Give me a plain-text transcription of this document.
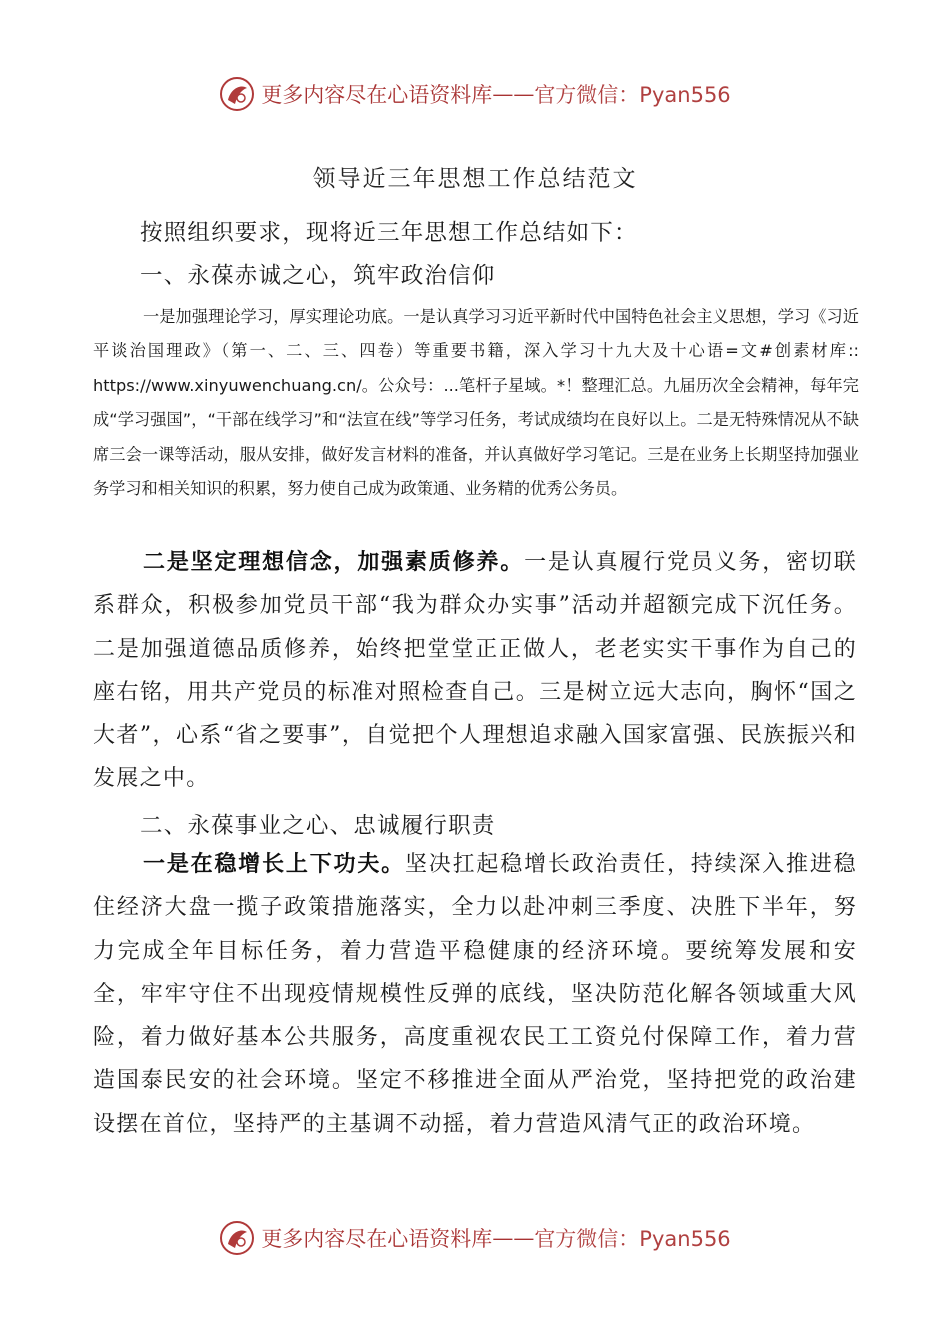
更多内容尽在心语资料库 —— 官方微信：Pyan556
领导近三年思想工作总结范文
按照组织要求，现将近三年思想工作总结如下：
一、永葆赤诚之心，筑牢政治信仰
一是加强理论学习，厚实理论功底。一是认真学习习近平新时代中国特色社会主义思想，学习《习近平谈治国理政》（第一、二、三、四卷）等重要书籍，深入学习十九大及十心语=文#创素材库:: https://www.xinyuwenchuang.cn/。公众号：...笔杆子星域。*！整理汇总。九届历次全会精神，每年完成“学习强国”，“干部在线学习”和“法宣在线”等学习任务，考试成绩均在良好以上。二是无特殊情况从不缺席三会一课等活动，服从安排，做好发言材料的准备，并认真做好学习笔记。三是在业务上长期坚持加强业务学习和相关知识的积累，努力使自己成为政策通、业务精的优秀公务员。
二是坚定理想信念，加强素质修养。一是认真履行党员义务，密切联系群众，积极参加党员干部“我为群众办实事”活动并超额完成下沉任务。二是加强道德品质修养，始终把堂堂正正做人，老老实实干事作为自己的座右铭，用共产党员的标准对照检查自己。三是树立远大志向，胸怀“国之大者”，心系“省之要事”，自觉把个人理想追求融入国家富强、民族振兴和发展之中。
二、永葆事业之心、忠诚履行职责
一是在稳增长上下功夫。坚决扛起稳增长政治责任，持续深入推进稳住经济大盘一揽子政策措施落实，全力以赴冲刺三季度、决胜下半年，努力完成全年目标任务，着力营造平稳健康的经济环境。要统筹发展和安全，牢牢守住不出现疫情规模性反弹的底线，坚决防范化解各领域重大风险，着力做好基本公共服务，高度重视农民工工资兑付保障工作，着力营造国泰民安的社会环境。坚定不移推进全面从严治党，坚持把党的政治建设摆在首位，坚持严的主基调不动摇，着力营造风清气正的政治环境。
更多内容尽在心语资料库 —— 官方微信：Pyan556
